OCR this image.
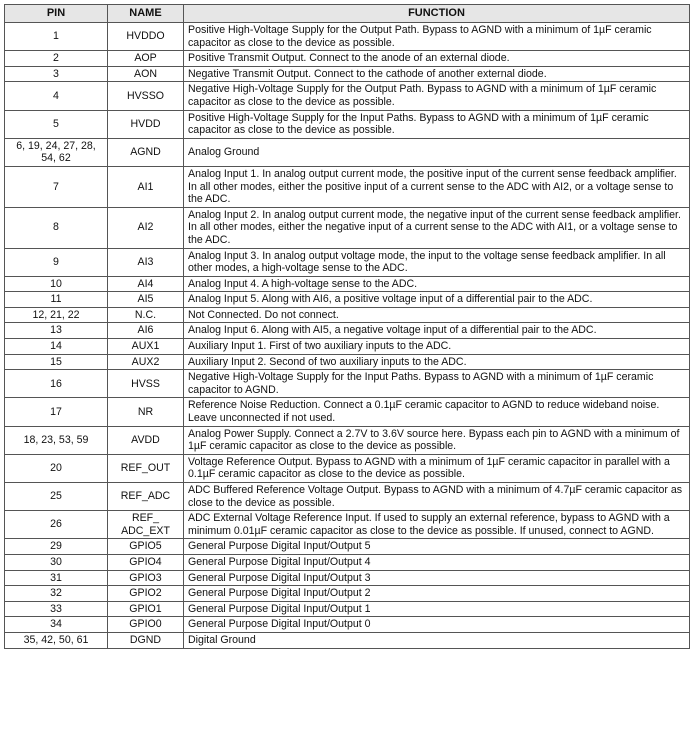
PIN	NAME	FUNCTION
1	HVDDO	Positive High-Voltage Supply for the Output Path. Bypass to AGND with a minimum of 1µF ceramic capacitor as close to the device as possible.
2	AOP	Positive Transmit Output. Connect to the anode of an external diode.
3	AON	Negative Transmit Output. Connect to the cathode of another external diode.
4	HVSSO	Negative High-Voltage Supply for the Output Path. Bypass to AGND with a minimum of 1µF ceramic capacitor as close to the device as possible.
5	HVDD	Positive High-Voltage Supply for the Input Paths. Bypass to AGND with a minimum of 1µF ceramic capacitor as close to the device as possible.
6, 19, 24, 27, 28, 54, 62	AGND	Analog Ground
7	AI1	Analog Input 1. In analog output current mode, the positive input of the current sense feedback amplifier. In all other modes, either the positive input of a current sense to the ADC with AI2, or a voltage sense to the ADC.
8	AI2	Analog Input 2. In analog output current mode, the negative input of the current sense feedback amplifier. In all other modes, either the negative input of a current sense to the ADC with AI1, or a voltage sense to the ADC.
9	AI3	Analog Input 3. In analog output voltage mode, the input to the voltage sense feedback amplifier. In all other modes, a high-voltage sense to the ADC.
10	AI4	Analog Input 4. A high-voltage sense to the ADC.
11	AI5	Analog Input 5. Along with AI6, a positive voltage input of a differential pair to the ADC.
12, 21, 22	N.C.	Not Connected. Do not connect.
13	AI6	Analog Input 6. Along with AI5, a negative voltage input of a differential pair to the ADC.
14	AUX1	Auxiliary Input 1. First of two auxiliary inputs to the ADC.
15	AUX2	Auxiliary Input 2. Second of two auxiliary inputs to the ADC.
16	HVSS	Negative High-Voltage Supply for the Input Paths. Bypass to AGND with a minimum of 1µF ceramic capacitor to AGND.
17	NR	Reference Noise Reduction. Connect a 0.1µF ceramic capacitor to AGND to reduce wideband noise. Leave unconnected if not used.
18, 23, 53, 59	AVDD	Analog Power Supply. Connect a 2.7V to 3.6V source here. Bypass each pin to AGND with a minimum of 1µF ceramic capacitor as close to the device as possible.
20	REF_OUT	Voltage Reference Output. Bypass to AGND with a minimum of 1µF ceramic capacitor in parallel with a 0.1µF ceramic capacitor as close to the device as possible.
25	REF_ADC	ADC Buffered Reference Voltage Output. Bypass to AGND with a minimum of 4.7µF ceramic capacitor as close to the device as possible.
26	REF_ ADC_EXT	ADC External Voltage Reference Input. If used to supply an external reference, bypass to AGND with a minimum 0.01µF ceramic capacitor as close to the device as possible. If unused, connect to AGND.
29	GPIO5	General Purpose Digital Input/Output 5
30	GPIO4	General Purpose Digital Input/Output 4
31	GPIO3	General Purpose Digital Input/Output 3
32	GPIO2	General Purpose Digital Input/Output 2
33	GPIO1	General Purpose Digital Input/Output 1
34	GPIO0	General Purpose Digital Input/Output 0
35, 42, 50, 61	DGND	Digital Ground
